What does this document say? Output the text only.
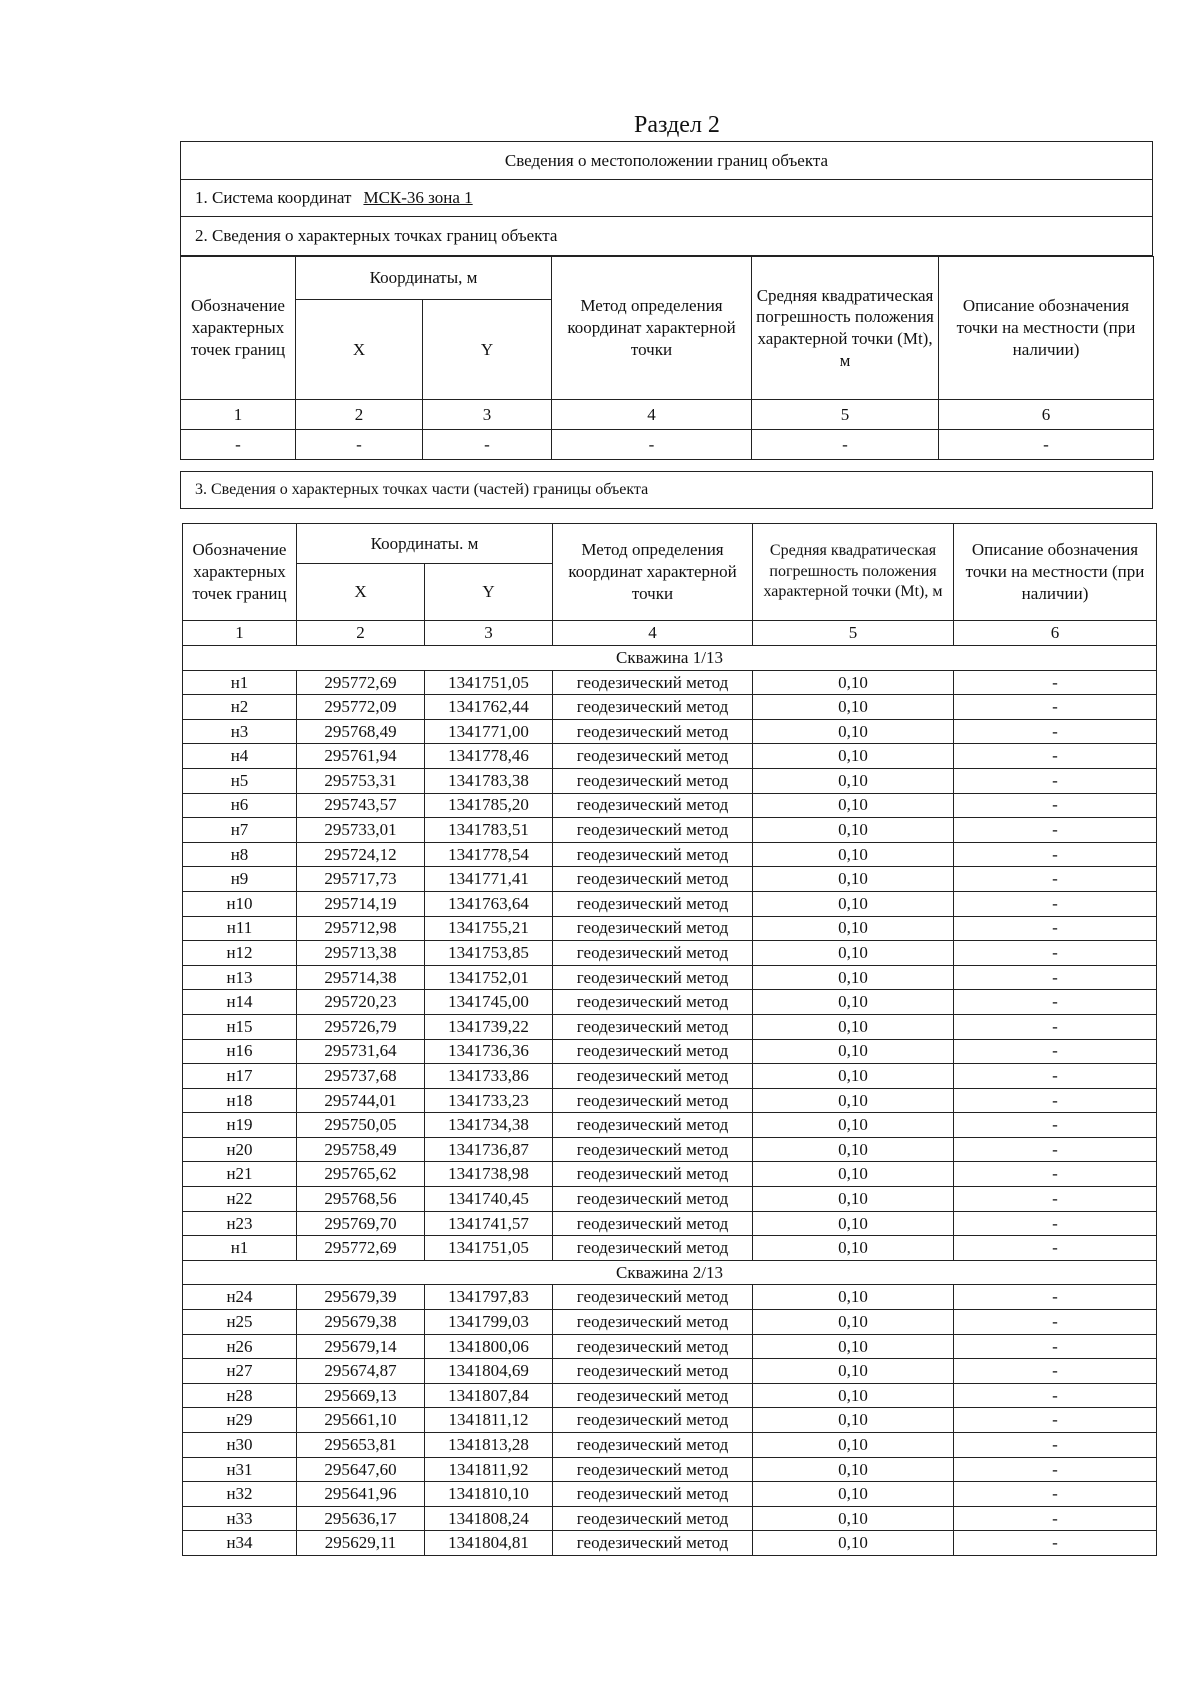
Раздел 2
Сведения о местоположении границ объекта
1. Система координат МСК-36 зона 1
2. Сведения о характерных точках границ объекта
Обозначение характерных точек границ	Координаты, м		Метод определения координат характерной точки	Средняя квадратическая погрешность положения характерной точки (Mt), м	Описание обозначения точки на местности (при наличии)
	X	Y			
1	2	3	4	5	6
-	-	-	-	-	-
3. Сведения о характерных точках части (частей) границы объекта
Обозначение характерных точек границ	Координаты. м		Метод определения координат характерной точки	Средняя квадратическая погрешность положения характерной точки (Mt), м	Описание обозначения точки на местности (при наличии)
	X	Y			
1	2	3	4	5	6
Скважина 1/13					
н1	295772,69	1341751,05	геодезический метод	0,10	-
н2	295772,09	1341762,44	геодезический метод	0,10	-
н3	295768,49	1341771,00	геодезический метод	0,10	-
н4	295761,94	1341778,46	геодезический метод	0,10	-
н5	295753,31	1341783,38	геодезический метод	0,10	-
н6	295743,57	1341785,20	геодезический метод	0,10	-
н7	295733,01	1341783,51	геодезический метод	0,10	-
н8	295724,12	1341778,54	геодезический метод	0,10	-
н9	295717,73	1341771,41	геодезический метод	0,10	-
н10	295714,19	1341763,64	геодезический метод	0,10	-
н11	295712,98	1341755,21	геодезический метод	0,10	-
н12	295713,38	1341753,85	геодезический метод	0,10	-
н13	295714,38	1341752,01	геодезический метод	0,10	-
н14	295720,23	1341745,00	геодезический метод	0,10	-
н15	295726,79	1341739,22	геодезический метод	0,10	-
н16	295731,64	1341736,36	геодезический метод	0,10	-
н17	295737,68	1341733,86	геодезический метод	0,10	-
н18	295744,01	1341733,23	геодезический метод	0,10	-
н19	295750,05	1341734,38	геодезический метод	0,10	-
н20	295758,49	1341736,87	геодезический метод	0,10	-
н21	295765,62	1341738,98	геодезический метод	0,10	-
н22	295768,56	1341740,45	геодезический метод	0,10	-
н23	295769,70	1341741,57	геодезический метод	0,10	-
н1	295772,69	1341751,05	геодезический метод	0,10	-
Скважина 2/13					
н24	295679,39	1341797,83	геодезический метод	0,10	-
н25	295679,38	1341799,03	геодезический метод	0,10	-
н26	295679,14	1341800,06	геодезический метод	0,10	-
н27	295674,87	1341804,69	геодезический метод	0,10	-
н28	295669,13	1341807,84	геодезический метод	0,10	-
н29	295661,10	1341811,12	геодезический метод	0,10	-
н30	295653,81	1341813,28	геодезический метод	0,10	-
н31	295647,60	1341811,92	геодезический метод	0,10	-
н32	295641,96	1341810,10	геодезический метод	0,10	-
н33	295636,17	1341808,24	геодезический метод	0,10	-
н34	295629,11	1341804,81	геодезический метод	0,10	-
